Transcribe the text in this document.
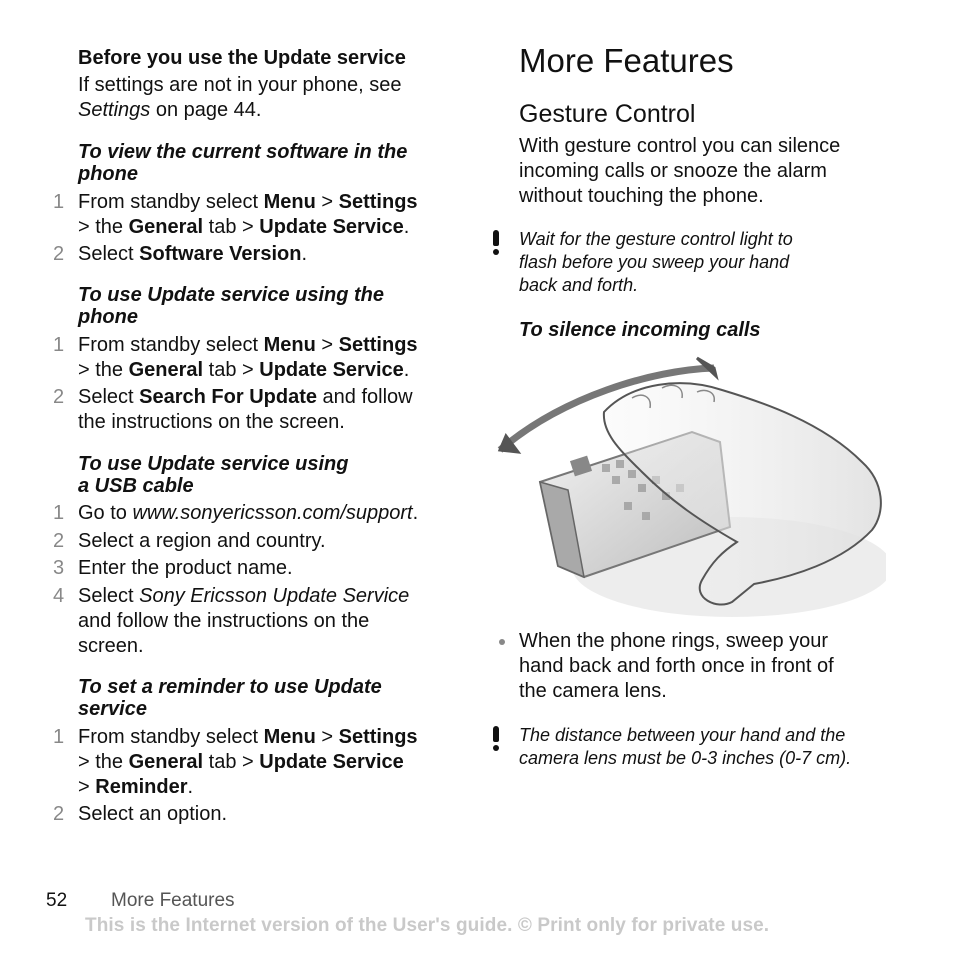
Before you use the Update service
If settings are not in your phone, see
Settings on page 44.
To view the current software in the
phone
1 From standby select Menu > Settings
> the General tab > Update Service.
2 Select Software Version.
To use Update service using the
phone
1 From standby select Menu > Settings
> the General tab > Update Service.
2 Select Search For Update and follow
the instructions on the screen.
To use Update service using
a USB cable
1 Go to www.sonyericsson.com/support.
2 Select a region and country.
3 Enter the product name.
4 Select Sony Ericsson Update Service
and follow the instructions on the
screen.
To set a reminder to use Update
service
1 From standby select Menu > Settings
> the General tab > Update Service
> Reminder.
2 Select an option.
More Features
Gesture Control
With gesture control you can silence
incoming calls or snooze the alarm
without touching the phone.
Wait for the gesture control light to
flash before you sweep your hand
back and forth.
To silence incoming calls
When the phone rings, sweep your
hand back and forth once in front of
the camera lens.
The distance between your hand and the
camera lens must be 0-3 inches (0-7 cm).
52 More Features
This is the Internet version of the User's guide. © Print only for private use.
